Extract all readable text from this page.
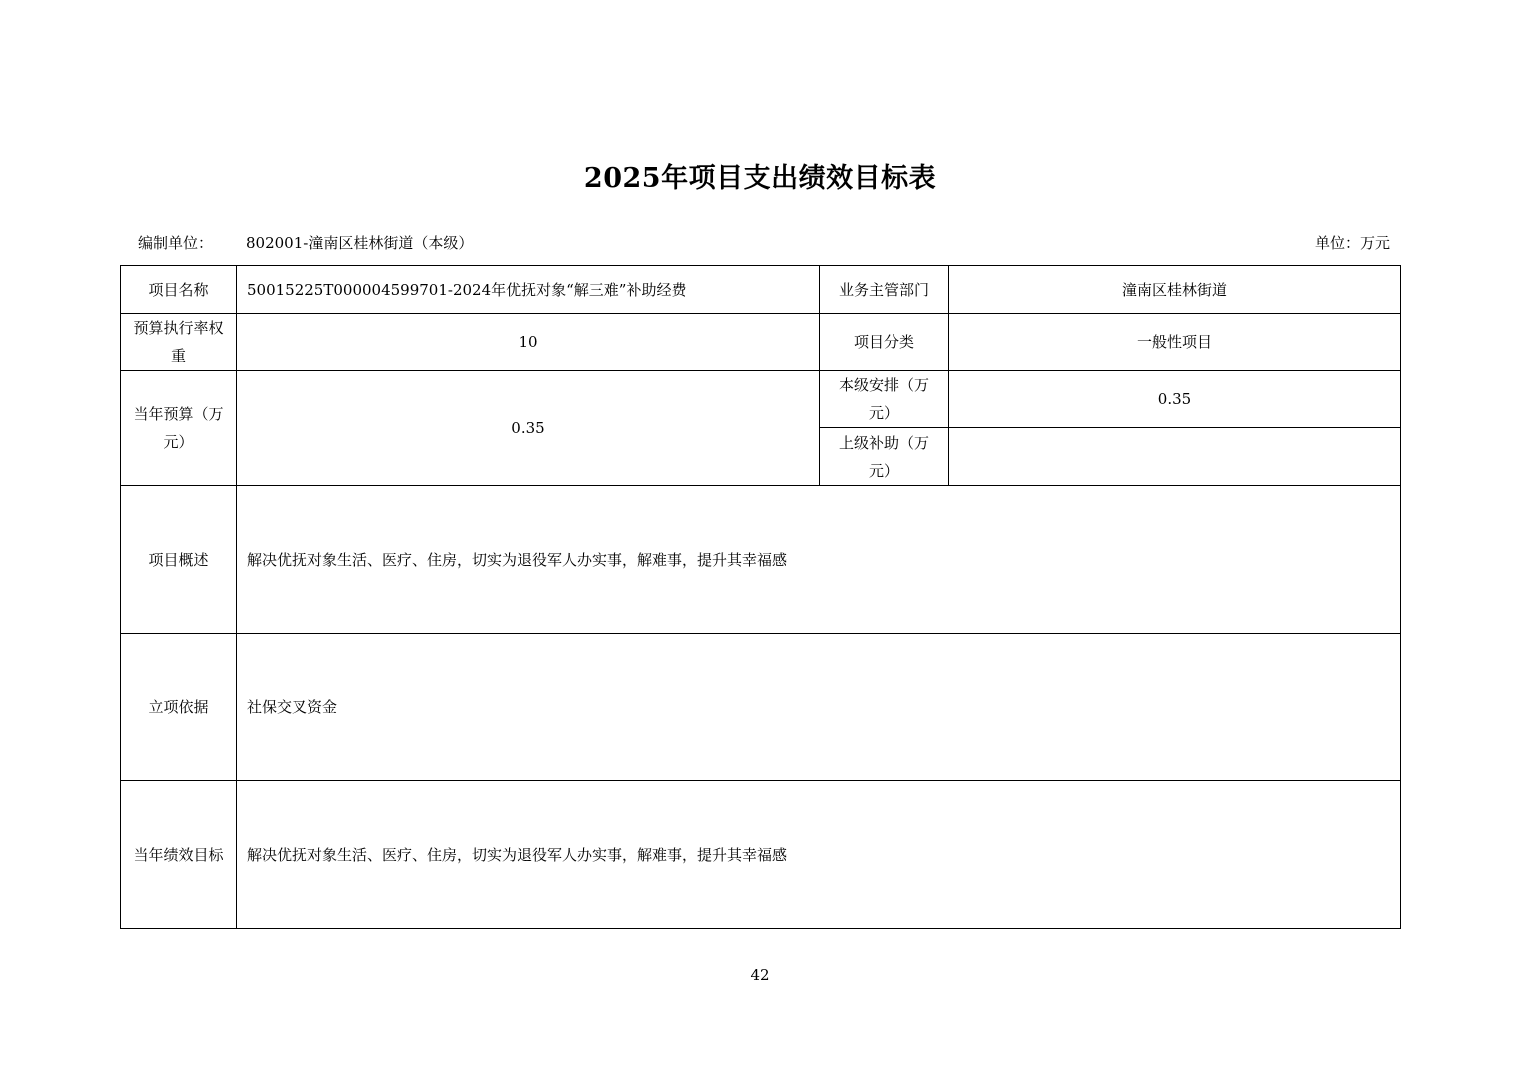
2025年项目支出绩效目标表
编制单位： 802001-潼南区桂林街道（本级）	单位：万元
项目名称	50015225T000004599701-2024年优抚对象“解三难”补助经费	业务主管部门	潼南区桂林街道
预算执行率权重	10	项目分类	一般性项目
当年预算（万元）	0.35	本级安排（万元）	0.35
		上级补助（万元）	
项目概述	解决优抚对象生活、医疗、住房，切实为退役军人办实事，解难事，提升其幸福感		
立项依据	社保交叉资金		
当年绩效目标	解决优抚对象生活、医疗、住房，切实为退役军人办实事，解难事，提升其幸福感		
42
